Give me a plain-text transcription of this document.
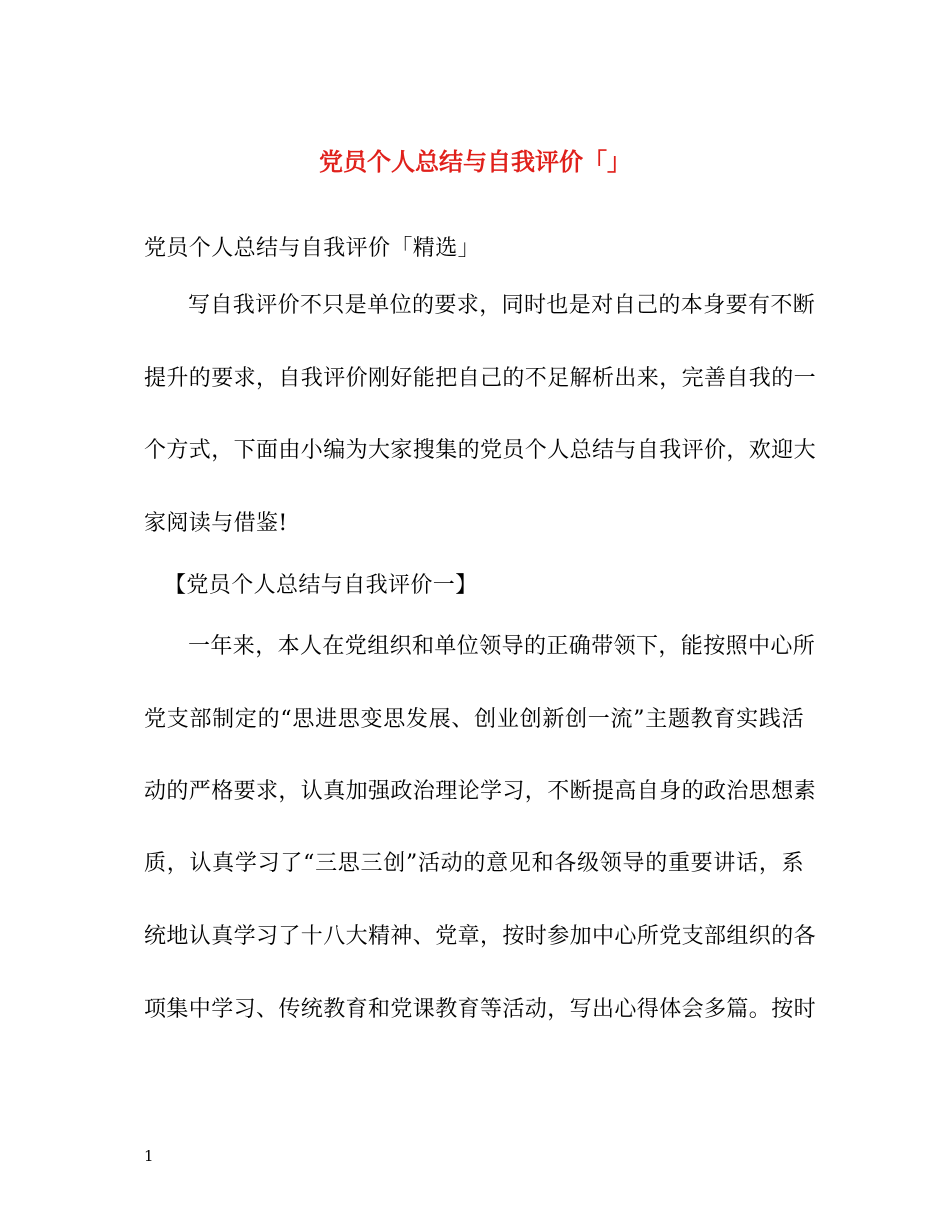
党员个人总结与自我评价「」
党员个人总结与自我评价「精选」
写自我评价不只是单位的要求，同时也是对自己的本身要有不断
提升的要求，自我评价刚好能把自己的不足解析出来，完善自我的一
个方式，下面由小编为大家搜集的党员个人总结与自我评价，欢迎大
家阅读与借鉴!
【党员个人总结与自我评价一】
一年来，本人在党组织和单位领导的正确带领下，能按照中心所
党支部制定的“思进思变思发展、创业创新创一流”主题教育实践活
动的严格要求，认真加强政治理论学习，不断提高自身的政治思想素
质，认真学习了“三思三创”活动的意见和各级领导的重要讲话，系
统地认真学习了十八大精神、党章，按时参加中心所党支部组织的各
项集中学习、传统教育和党课教育等活动，写出心得体会多篇。按时
1
